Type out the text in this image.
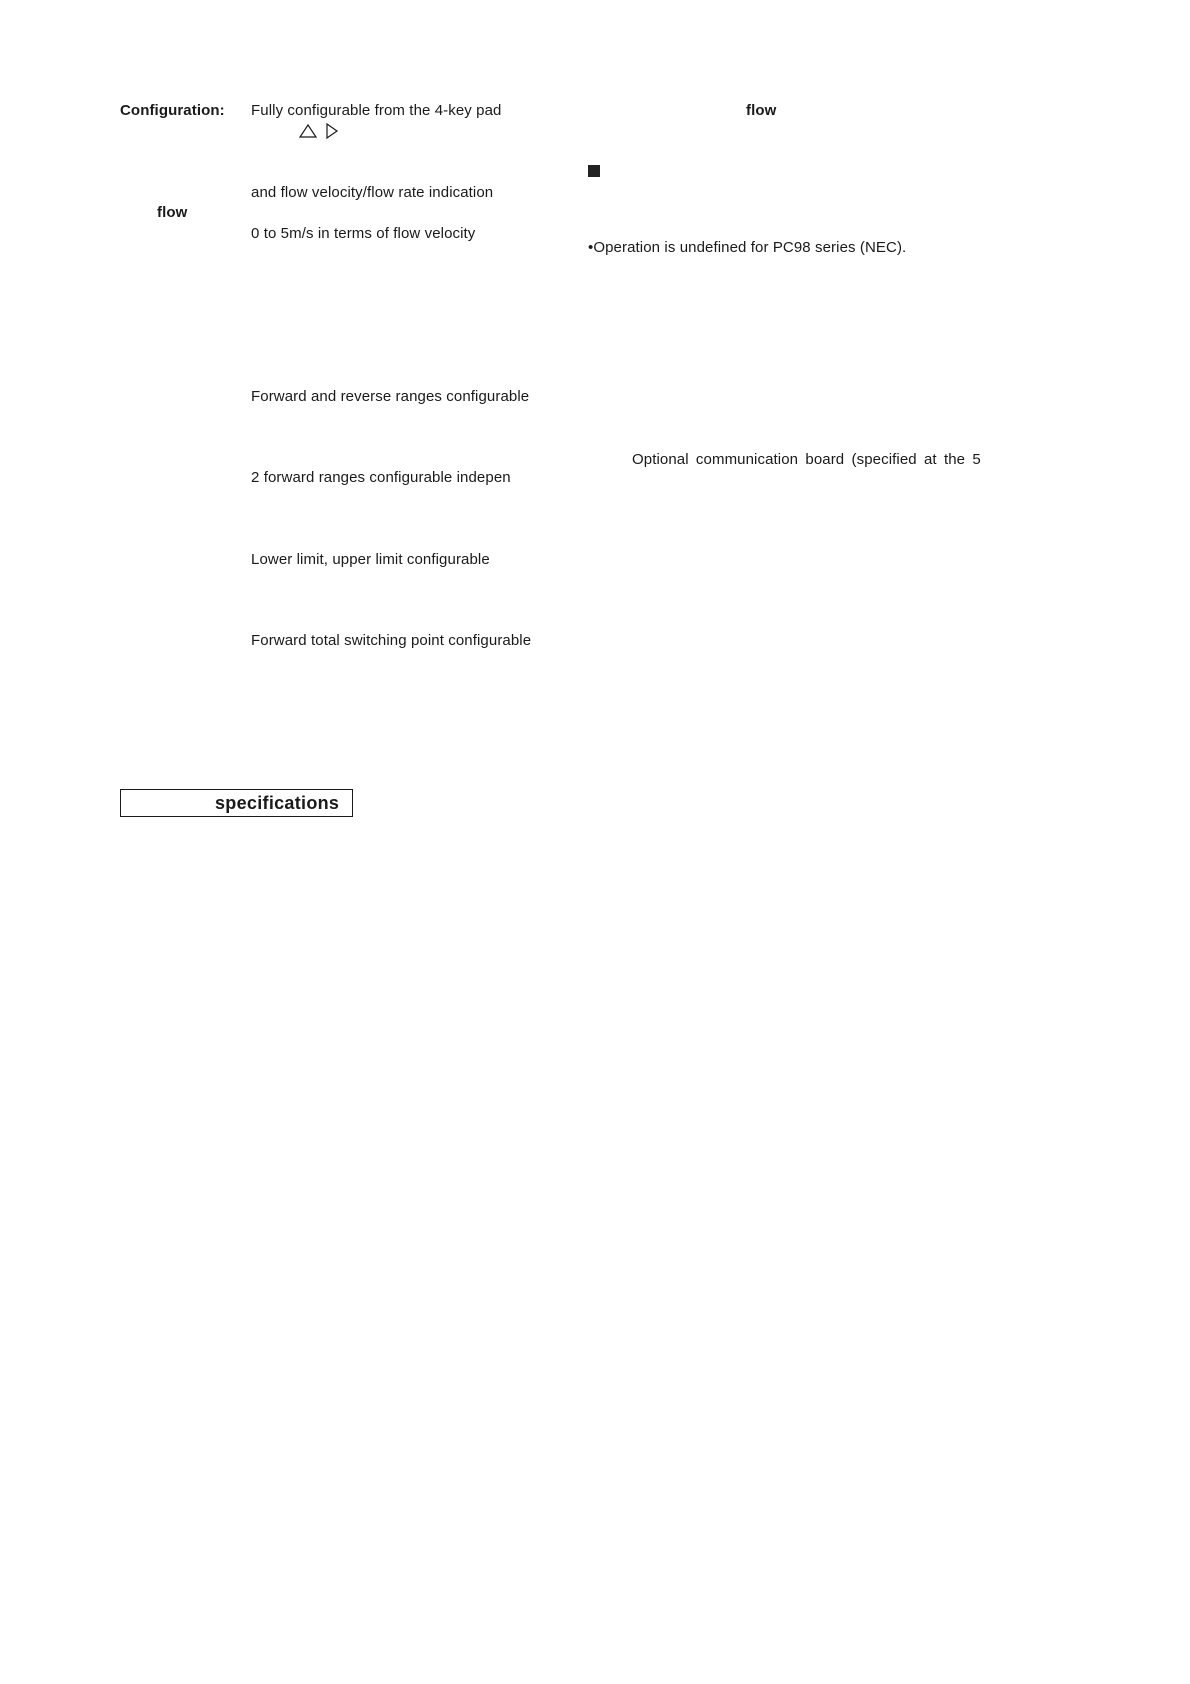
Configuration: Fully configurable from the 4-key pad
and flow velocity/flow rate indication
flow
0 to 5m/s in terms of flow velocity
Forward and reverse ranges configurable
2 forward ranges configurable indepen
Lower limit, upper limit configurable
Forward total switching point configurable
flow
•Operation is undefined for PC98 series (NEC).
Optional communication board (specified at the 5
specifications
